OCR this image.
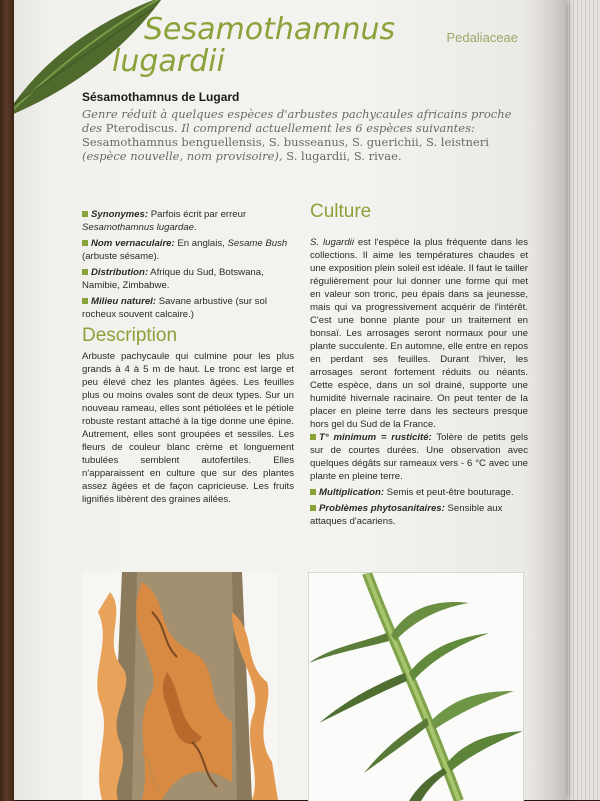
Sesamothamnus
lugardii
Pedaliaceae
Sésamothamnus de Lugard

Genre réduit à quelques espèces d'arbustes pachycaules africains proche des Pterodiscus. Il comprend actuellement les 6 espèces suivantes: Sesamothamnus benguellensis, S. busseanus, S. guerichii, S. leistneri (espèce nouvelle, nom provisoire), S. lugardii, S. rivae.

Synonymes: Parfois écrit par erreur Sesamothamnus lugardae.

Nom vernaculaire: En anglais, Sesame Bush (arbuste sésame).

Distribution: Afrique du Sud, Botswana, Namibie, Zimbabwe.

Milieu naturel: Savane arbustive (sur sol rocheux souvent calcaire.)

Description

Arbuste pachycaule qui culmine pour les plus grands à 4 à 5 m de haut. Le tronc est large et peu élevé chez les plantes âgées. Les feuilles plus ou moins ovales sont de deux types. Sur un nouveau rameau, elles sont pétiolées et le pétiole robuste restant attaché à la tige donne une épine. Autrement, elles sont groupées et sessiles. Les fleurs de couleur blanc crème et longuement tubulées semblent autofertiles. Elles n'apparaissent en culture que sur des plantes assez âgées et de façon capricieuse. Les fruits lignifiés libèrent des graines ailées.

Culture

S. lugardii est l'espèce la plus fréquente dans les collections. Il aime les températures chaudes et une exposition plein soleil est idéale. Il faut le tailler régulièrement pour lui donner une forme qui met en valeur son tronc, peu épais dans sa jeunesse, mais qui va progressivement acquérir de l'intérêt. C'est une bonne plante pour un traitement en bonsaï. Les arrosages seront normaux pour une plante succulente. En automne, elle entre en repos en perdant ses feuilles. Durant l'hiver, les arrosages seront fortement réduits ou néants. Cette espèce, dans un sol drainé, supporte une humidité hivernale racinaire. On peut tenter de la placer en pleine terre dans les secteurs presque hors gel du Sud de la France.

T° minimum = rusticité: Tolère de petits gels sur de courtes durées. Une observation avec quelques dégâts sur rameaux vers - 6 °C avec une plante en pleine terre.

Multiplication: Semis et peut-être bouturage.

Problèmes phytosanitaires: Sensible aux attaques d'acariens.
